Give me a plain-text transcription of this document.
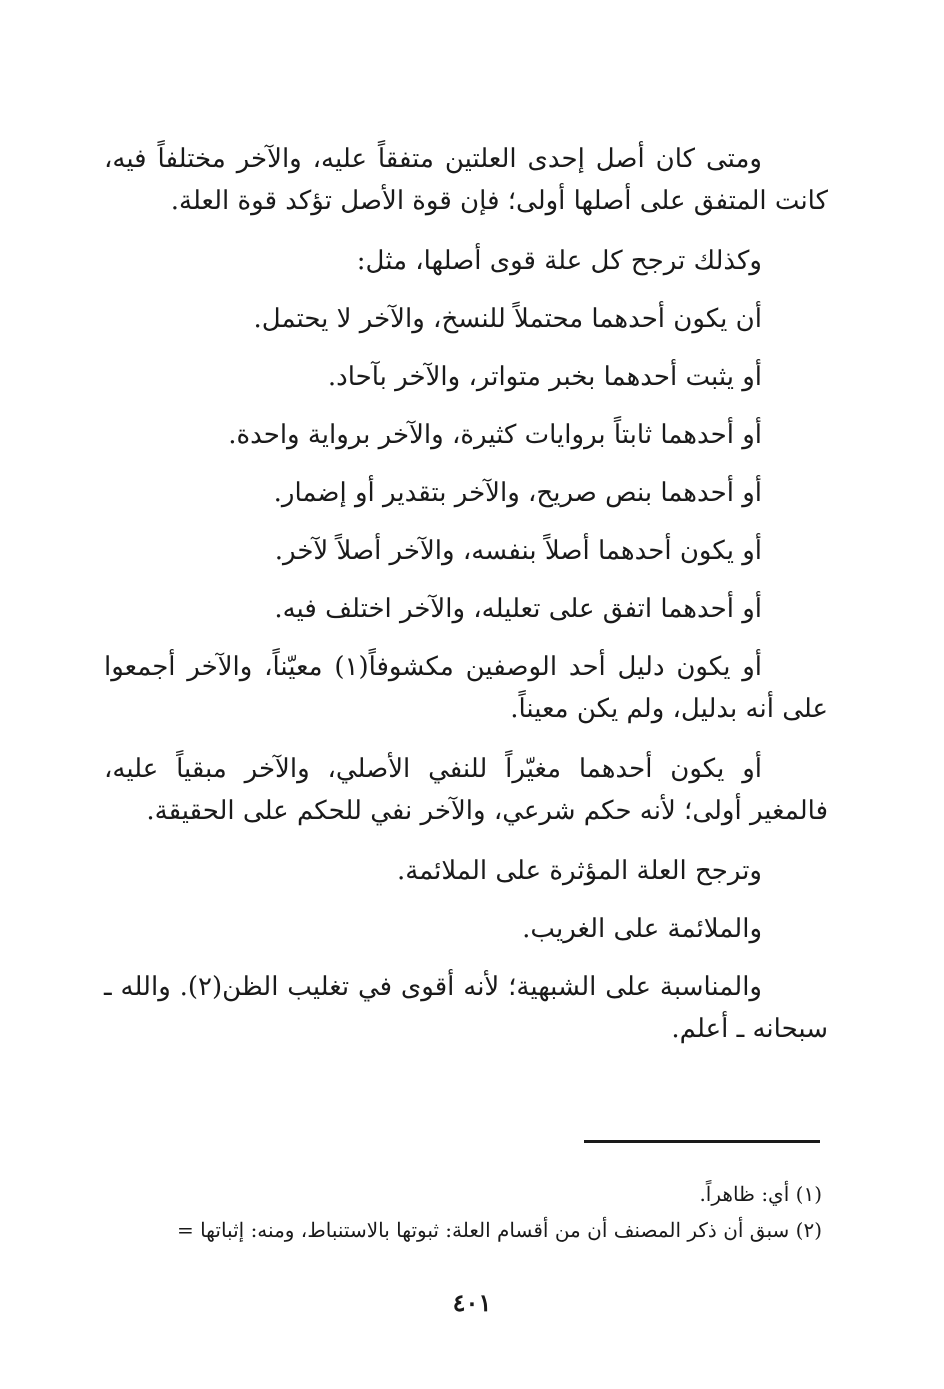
ومتى كان أصل إحدى العلتين متفقاً عليه، والآخر مختلفاً فيه، كانت المتفق على أصلها أولى؛ فإن قوة الأصل تؤكد قوة العلة.

وكذلك ترجح كل علة قوى أصلها، مثل:

أن يكون أحدهما محتملاً للنسخ، والآخر لا يحتمل.

أو يثبت أحدهما بخبر متواتر، والآخر بآحاد.

أو أحدهما ثابتاً بروايات كثيرة، والآخر برواية واحدة.

أو أحدهما بنص صريح، والآخر بتقدير أو إضمار.

أو يكون أحدهما أصلاً بنفسه، والآخر أصلاً لآخر.

أو أحدهما اتفق على تعليله، والآخر اختلف فيه.

أو يكون دليل أحد الوصفين مكشوفاً(١) معيّناً، والآخر أجمعوا على أنه بدليل، ولم يكن معيناً.

أو يكون أحدهما مغيّراً للنفي الأصلي، والآخر مبقياً عليه، فالمغير أولى؛ لأنه حكم شرعي، والآخر نفي للحكم على الحقيقة.

وترجح العلة المؤثرة على الملائمة.

والملائمة على الغريب.

والمناسبة على الشبهية؛ لأنه أقوى في تغليب الظن(٢). والله ـ سبحانه ـ أعلم.

(١) أي: ظاهراً.

(٢) سبق أن ذكر المصنف أن من أقسام العلة: ثبوتها بالاستنباط، ومنه: إثباتها =

٤٠١
